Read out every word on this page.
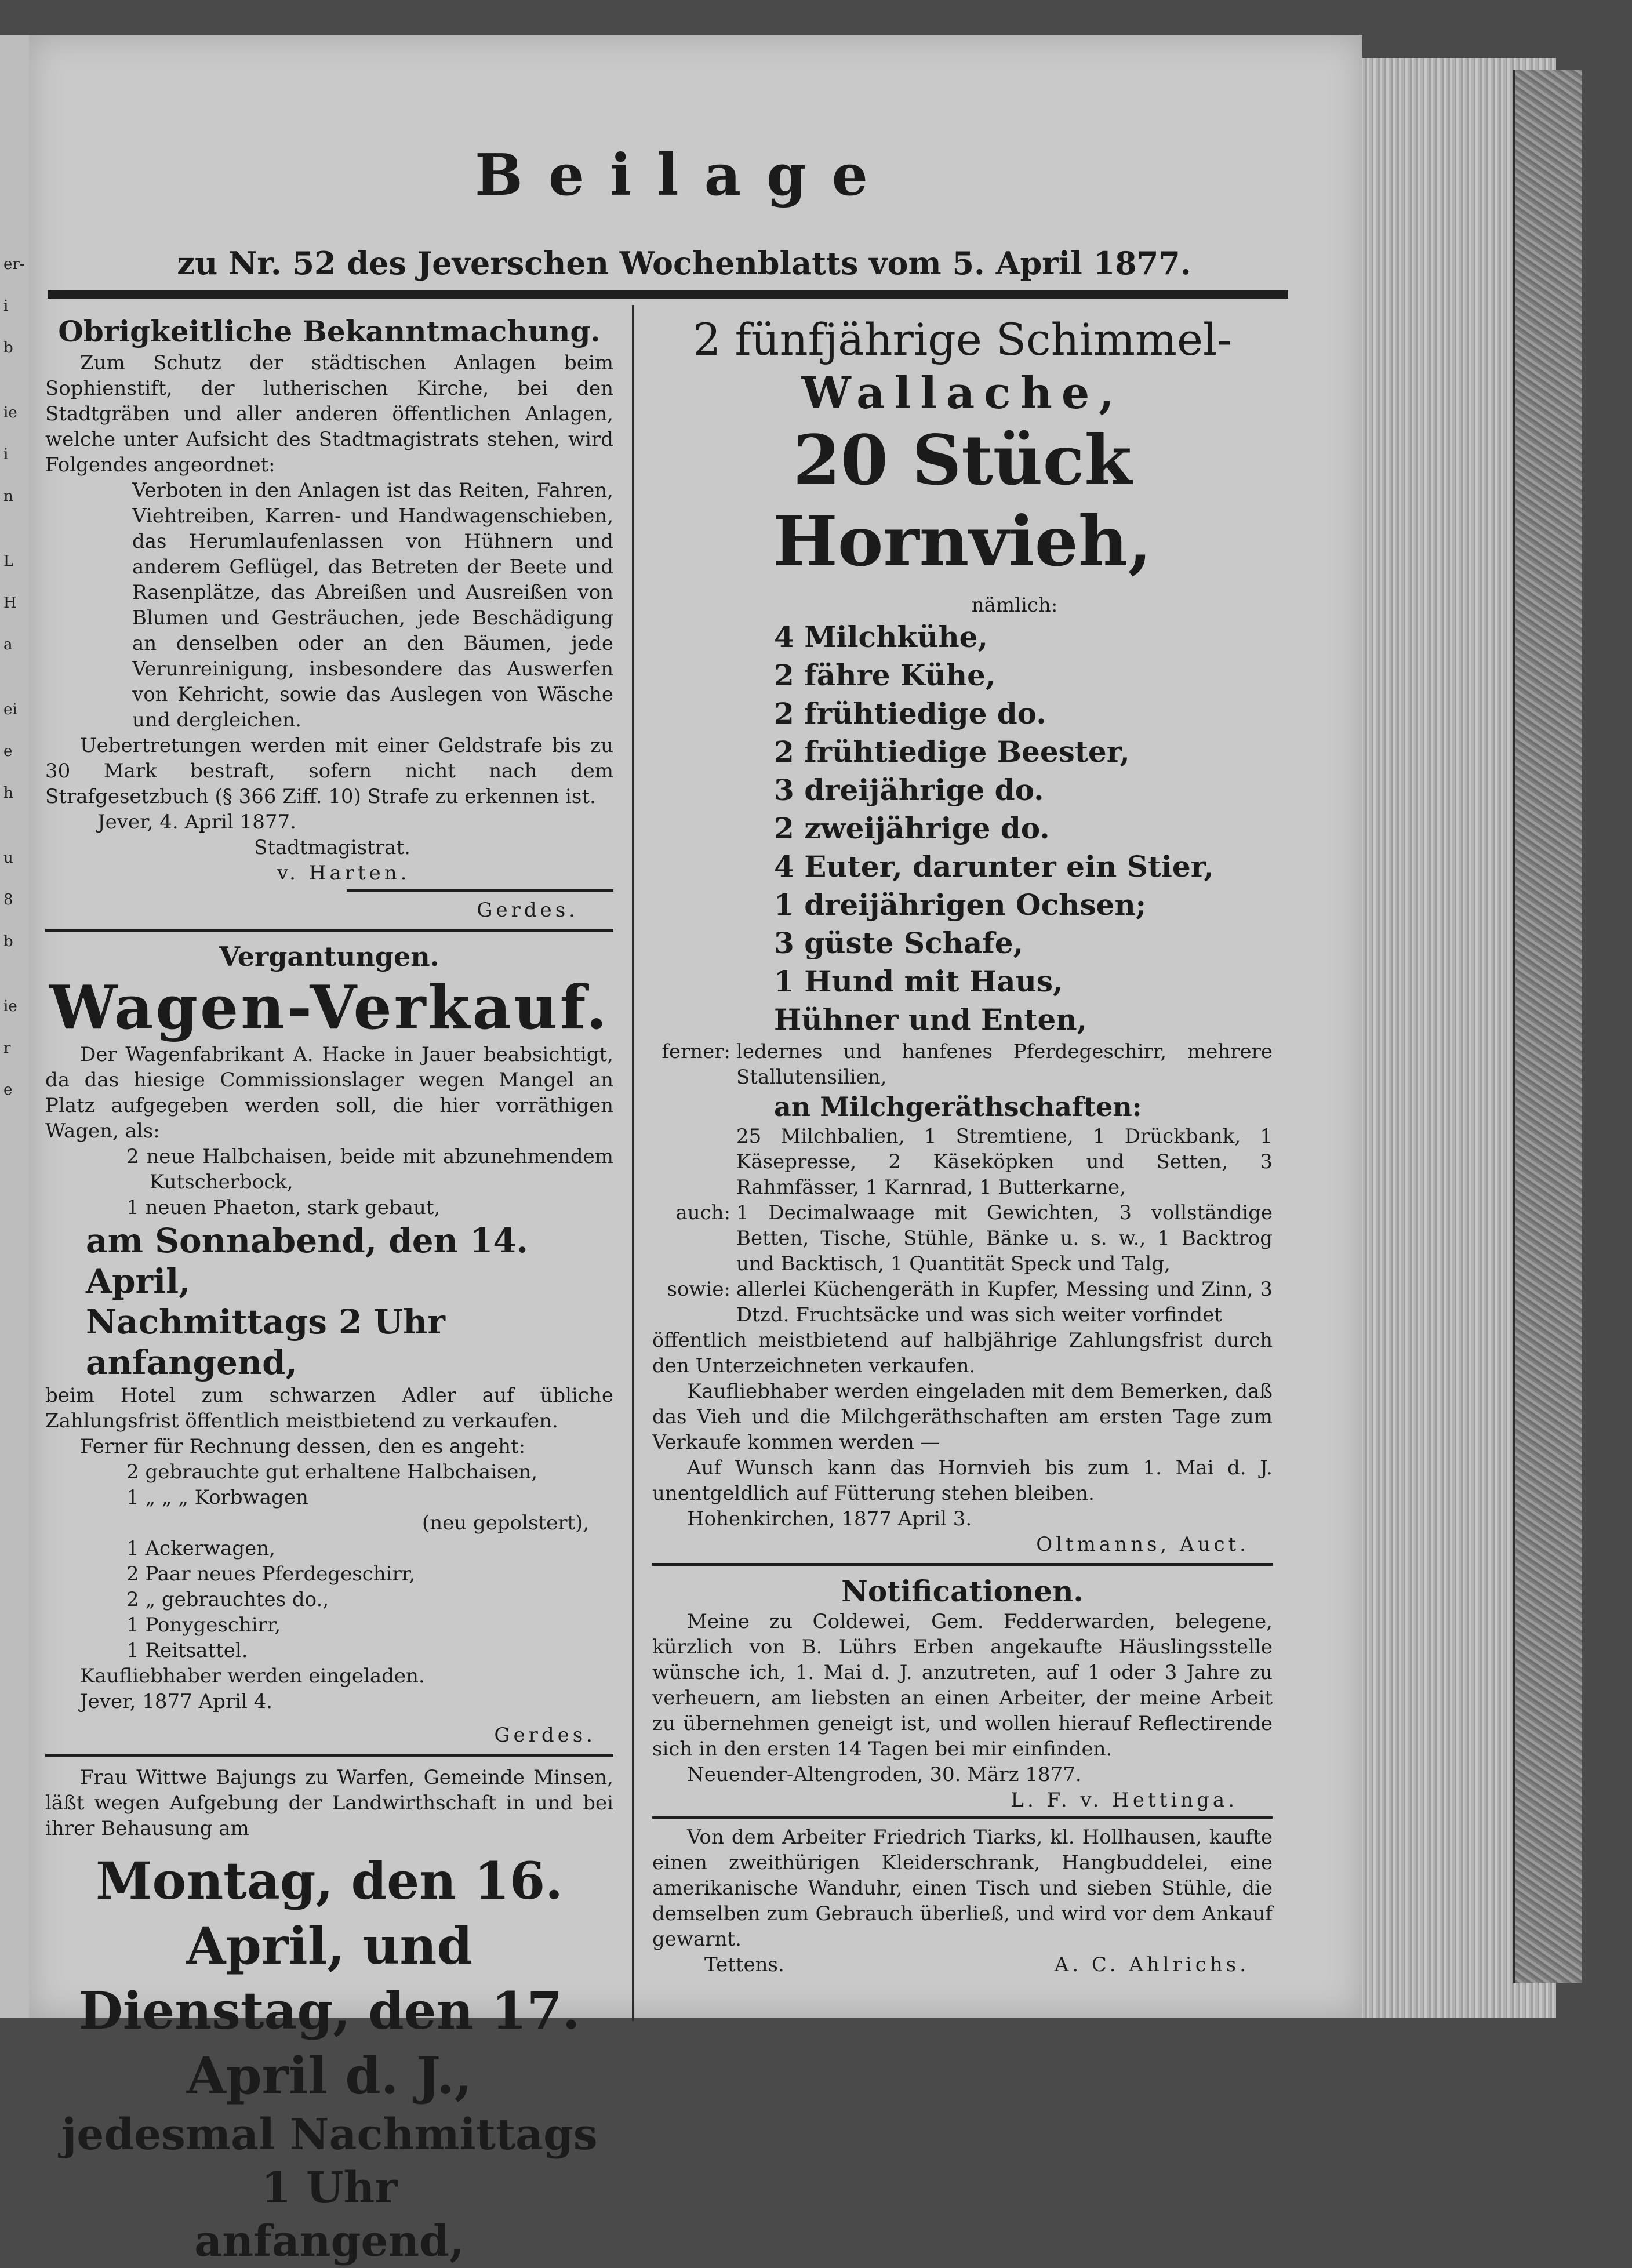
er-
i
b
ie
i
n
L
H
a
ei
e
h
u
8
b
ie
r
e
Beilage
zu Nr. 52 des Jeverschen Wochenblatts vom 5. April 1877.

Obrigkeitliche Bekanntmachung.

Zum Schutz der städtischen Anlagen beim Sophienstift, der lutherischen Kirche, bei den Stadtgräben und aller anderen öffentlichen Anlagen, welche unter Aufsicht des Stadtmagistrats stehen, wird Folgendes angeordnet:

Verboten in den Anlagen ist das Reiten, Fahren, Viehtreiben, Karren- und Handwagenschieben, das Herumlaufenlassen von Hühnern und anderem Geflügel, das Betreten der Beete und Rasenplätze, das Abreißen und Ausreißen von Blumen und Gesträuchen, jede Beschädigung an denselben oder an den Bäumen, jede Verunreinigung, insbesondere das Auswerfen von Kehricht, sowie das Auslegen von Wäsche und dergleichen.

Uebertretungen werden mit einer Geldstrafe bis zu 30 Mark bestraft, sofern nicht nach dem Strafgesetzbuch (§ 366 Ziff. 10) Strafe zu erkennen ist.

Jever, 4. April 1877.

Stadtmagistrat.

v. Harten.

Gerdes.

Vergantungen.

Wagen-Verkauf.

Der Wagenfabrikant A. Hacke in Jauer beabsichtigt, da das hiesige Commissionslager wegen Mangel an Platz aufgegeben werden soll, die hier vorräthigen Wagen, als:

2 neue Halbchaisen, beide mit abzunehmendem Kutscherbock,

1 neuen Phaeton, stark gebaut,

am Sonnabend, den 14. April,

Nachmittags 2 Uhr anfangend,

beim Hotel zum schwarzen Adler auf übliche Zahlungsfrist öffentlich meistbietend zu verkaufen.

Ferner für Rechnung dessen, den es angeht:

2 gebrauchte gut erhaltene Halbchaisen,

1 „ „ „ Korbwagen

(neu gepolstert),

1 Ackerwagen,

2 Paar neues Pferdegeschirr,

2 „ gebrauchtes do.,

1 Ponygeschirr,

1 Reitsattel.

Kaufliebhaber werden eingeladen.

Jever, 1877 April 4.

Gerdes.

Frau Wittwe Bajungs zu Warfen, Gemeinde Minsen, läßt wegen Aufgebung der Landwirthschaft in und bei ihrer Behausung am

Montag, den 16. April, und

Dienstag, den 17. April d. J.,

jedesmal Nachmittags 1 Uhr

anfangend,

2 fünfjährige Schimmel-

Wallache,

20 Stück Hornvieh,

nämlich:

4 Milchkühe,

2 fähre Kühe,

2 frühtiedige do.

2 frühtiedige Beester,

3 dreijährige do.

2 zweijährige do.

4 Euter, darunter ein Stier,

1 dreijährigen Ochsen;

3 güste Schafe,

1 Hund mit Haus,

Hühner und Enten,

ferner: ledernes und hanfenes Pferdegeschirr, mehrere Stallutensilien,

an Milchgeräthschaften:

25 Milchbalien, 1 Stremtiene, 1 Drückbank, 1 Käsepresse, 2 Käseköpken und Setten, 3 Rahmfässer, 1 Karnrad, 1 Butterkarne,

auch: 1 Decimalwaage mit Gewichten, 3 vollständige Betten, Tische, Stühle, Bänke u. s. w., 1 Backtrog und Backtisch, 1 Quantität Speck und Talg,
sowie: allerlei Küchengeräth in Kupfer, Messing und Zinn, 3 Dtzd. Fruchtsäcke und was sich weiter vorfindet

öffentlich meistbietend auf halbjährige Zahlungsfrist durch den Unterzeichneten verkaufen.

Kaufliebhaber werden eingeladen mit dem Bemerken, daß das Vieh und die Milchgeräthschaften am ersten Tage zum Verkaufe kommen werden —

Auf Wunsch kann das Hornvieh bis zum 1. Mai d. J. unentgeldlich auf Fütterung stehen bleiben.

Hohenkirchen, 1877 April 3.

Oltmanns, Auct.

Notificationen.

Meine zu Coldewei, Gem. Fedderwarden, belegene, kürzlich von B. Lührs Erben angekaufte Häuslingsstelle wünsche ich, 1. Mai d. J. anzutreten, auf 1 oder 3 Jahre zu verheuern, am liebsten an einen Arbeiter, der meine Arbeit zu übernehmen geneigt ist, und wollen hierauf Reflectirende sich in den ersten 14 Tagen bei mir einfinden.

Neuender-Altengroden, 30. März 1877.

L. F. v. Hettinga.

Von dem Arbeiter Friedrich Tiarks, kl. Hollhausen, kaufte einen zweithürigen Kleiderschrank, Hangbuddelei, eine amerikanische Wanduhr, einen Tisch und sieben Stühle, die demselben zum Gebrauch überließ, und wird vor dem Ankauf gewarnt.

Tettens.	A. C. Ahlrichs.
